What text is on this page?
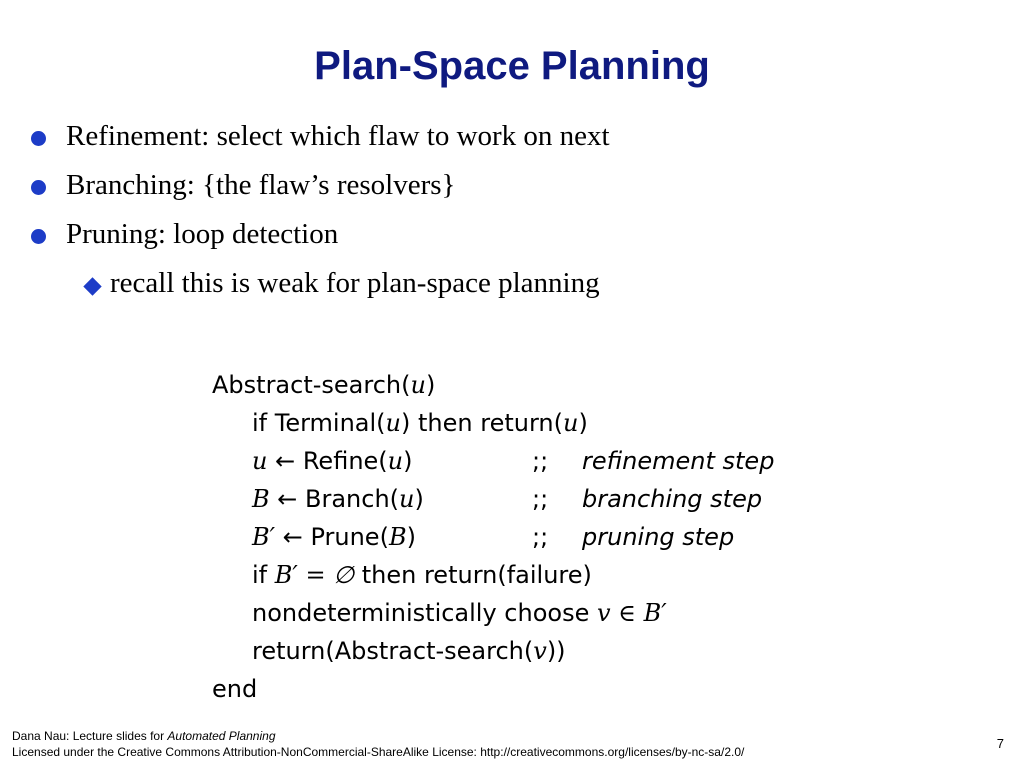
Plan-Space Planning
Refinement: select which flaw to work on next
Branching: {the flaw’s resolvers}
Pruning: loop detection
recall this is weak for plan-space planning
Abstract-search(u)
if Terminal(u) then return(u)
u ← Refine(u)	;; refinement step
B ← Branch(u)	;; branching step
B′ ← Prune(B)	;; pruning step
if B′ = ∅ then return(failure)
nondeterministically choose v ∈ B′
return(Abstract-search(v))
end
Dana Nau: Lecture slides for Automated Planning
Licensed under the Creative Commons Attribution-NonCommercial-ShareAlike License: http://creativecommons.org/licenses/by-nc-sa/2.0/
7
